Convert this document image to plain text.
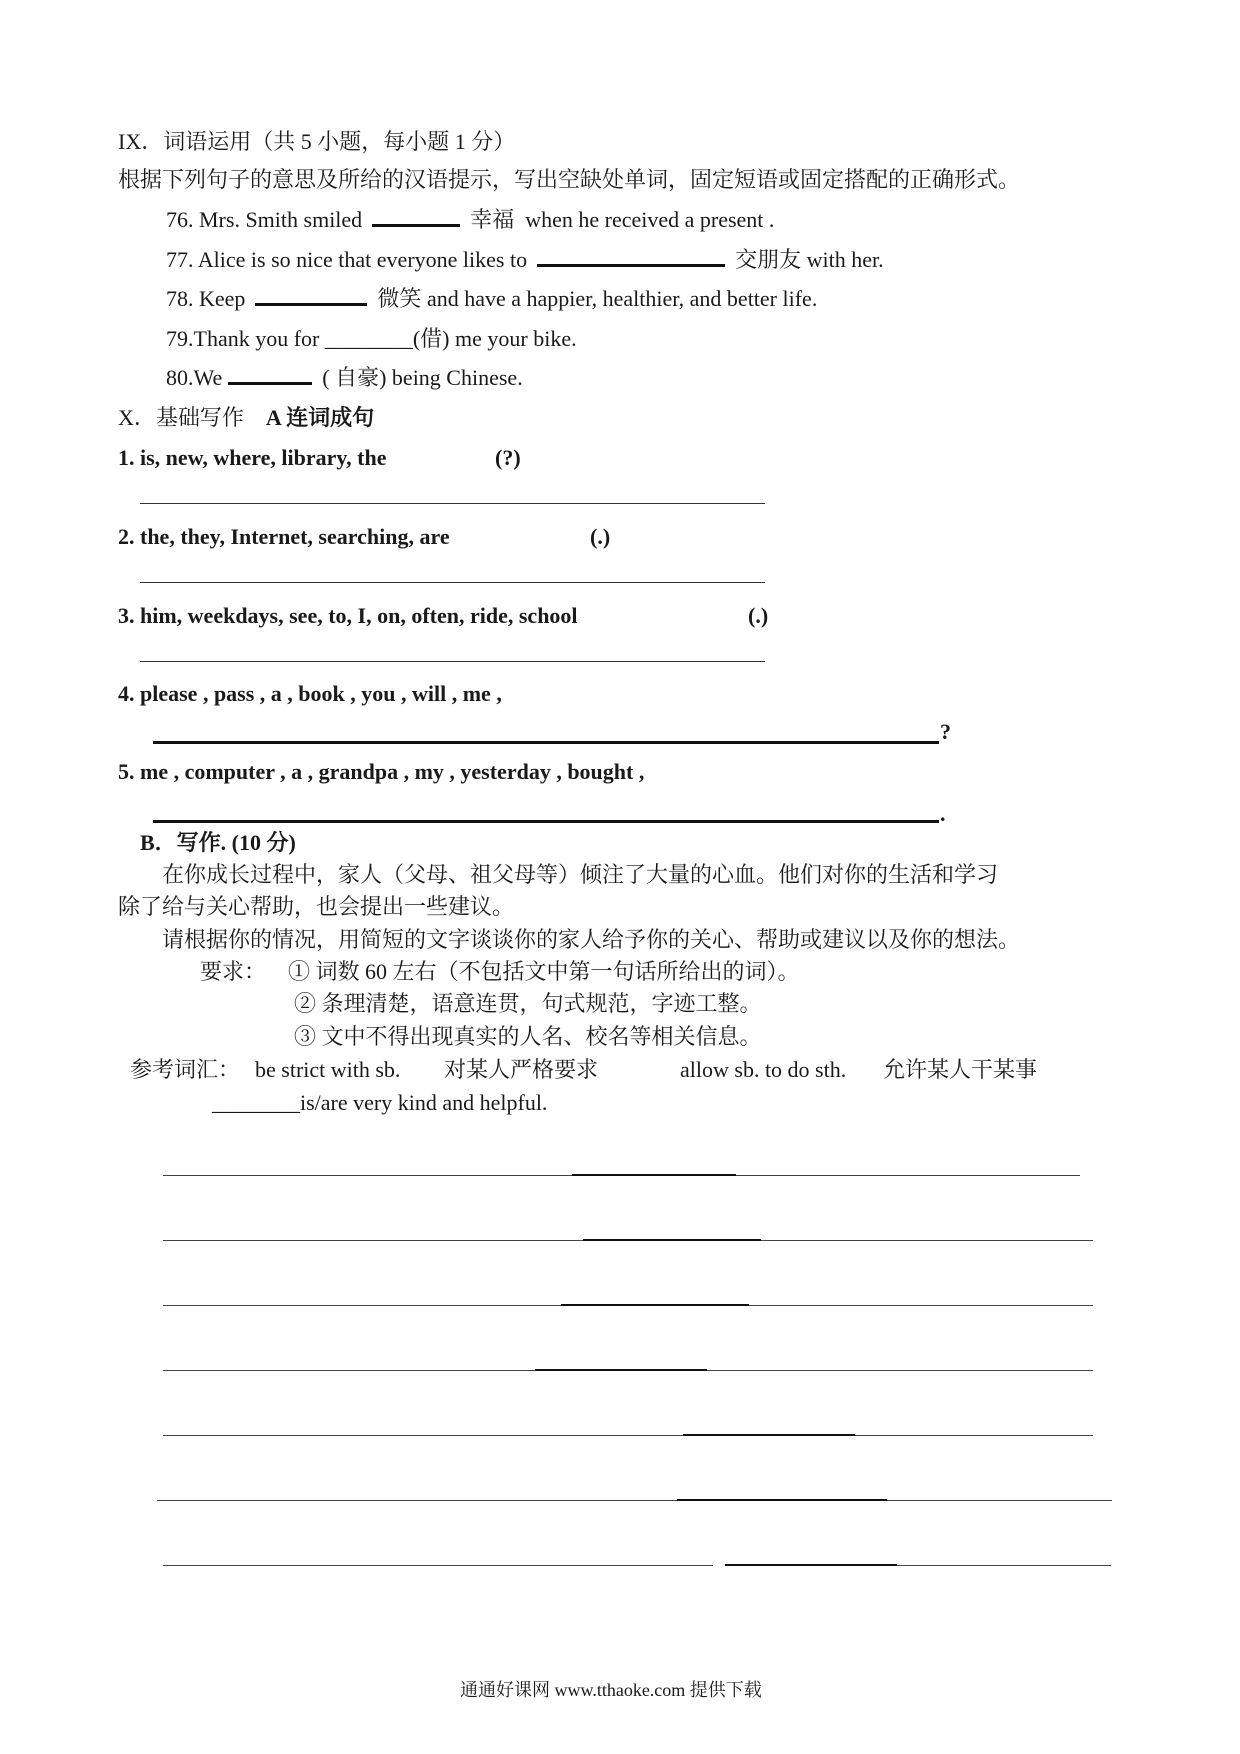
IX．词语运用（共 5 小题，每小题 1 分）
根据下列句子的意思及所给的汉语提示，写出空缺处单词，固定短语或固定搭配的正确形式。
76. Mrs. Smith smiled	幸福 when he received a present .
77. Alice is so nice that everyone likes to	交朋友 with her.
78. Keep	微笑 and have a happier, healthier, and better life.
79.Thank you for ________(借) me your bike.
80.We	( 自豪) being Chinese.
X．基础写作 A 连词成句
1. is, new, where, library, the	(?)
2. the, they, Internet, searching, are	(.)
3. him, weekdays, see, to, I, on, often, ride, school	(.)
4. please , pass , a , book , you , will , me ,
?
5. me , computer , a , grandpa , my , yesterday , bought ,
.
B．写作. (10 分)
在你成长过程中，家人（父母、祖父母等）倾注了大量的心血。他们对你的生活和学习
除了给与关心帮助，也会提出一些建议。
请根据你的情况，用简短的文字谈谈你的家人给予你的关心、帮助或建议以及你的想法。
要求： ① 词数 60 左右（不包括文中第一句话所给出的词）。
② 条理清楚，语意连贯，句式规范，字迹工整。
③ 文中不得出现真实的人名、校名等相关信息。
参考词汇： be strict with sb. 对某人严格要求	allow sb. to do sth. 允许某人干某事
________is/are very kind and helpful.
通通好课网 www.tthaoke.com 提供下载
